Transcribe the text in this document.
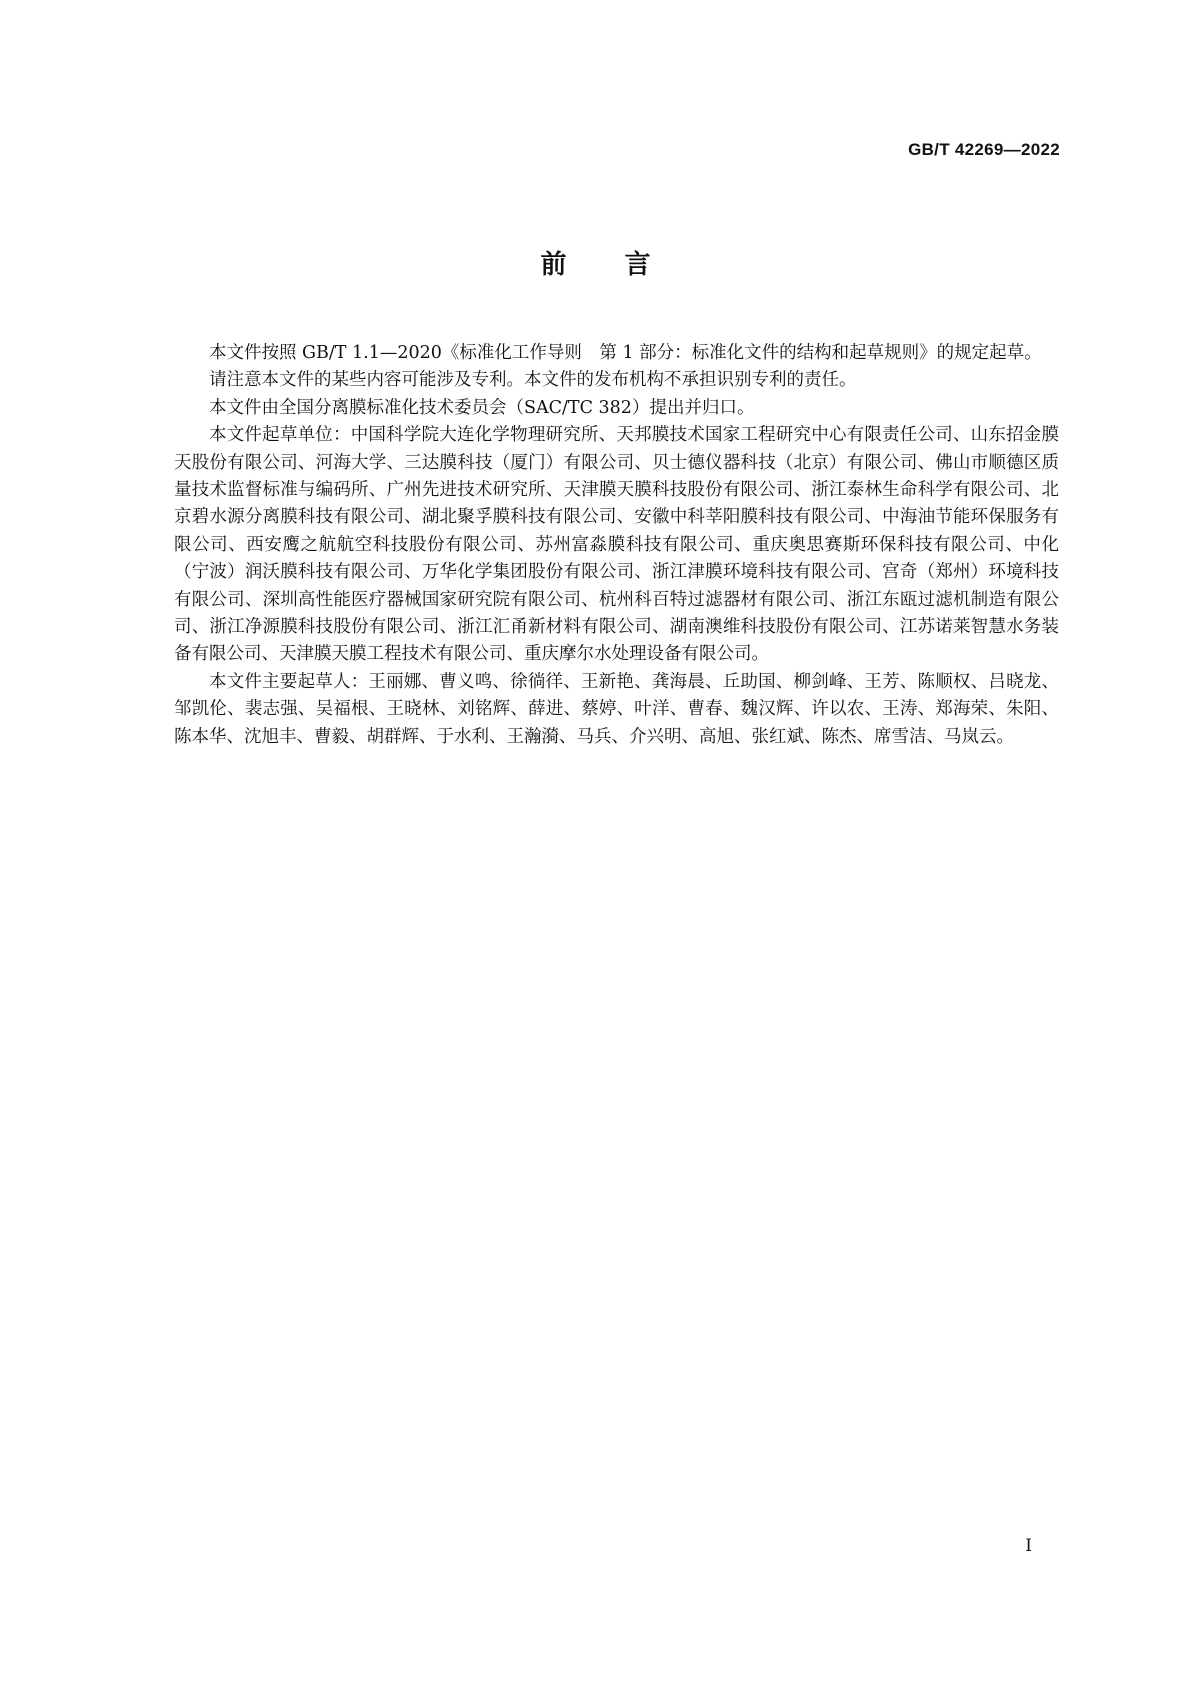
GB/T 42269—2022
前言

本文件按照 GB/T 1.1—2020《标准化工作导则　第 1 部分：标准化文件的结构和起草规则》的规定起草。

请注意本文件的某些内容可能涉及专利。本文件的发布机构不承担识别专利的责任。

本文件由全国分离膜标准化技术委员会（SAC/TC 382）提出并归口。

本文件起草单位：中国科学院大连化学物理研究所、天邦膜技术国家工程研究中心有限责任公司、山东招金膜天股份有限公司、河海大学、三达膜科技（厦门）有限公司、贝士德仪器科技（北京）有限公司、佛山市顺德区质量技术监督标准与编码所、广州先进技术研究所、天津膜天膜科技股份有限公司、浙江泰林生命科学有限公司、北京碧水源分离膜科技有限公司、湖北聚孚膜科技有限公司、安徽中科莘阳膜科技有限公司、中海油节能环保服务有限公司、西安鹰之航航空科技股份有限公司、苏州富淼膜科技有限公司、重庆奥思赛斯环保科技有限公司、中化（宁波）润沃膜科技有限公司、万华化学集团股份有限公司、浙江津膜环境科技有限公司、宫奇（郑州）环境科技有限公司、深圳高性能医疗器械国家研究院有限公司、杭州科百特过滤器材有限公司、浙江东瓯过滤机制造有限公司、浙江净源膜科技股份有限公司、浙江汇甬新材料有限公司、湖南澳维科技股份有限公司、江苏诺莱智慧水务装备有限公司、天津膜天膜工程技术有限公司、重庆摩尔水处理设备有限公司。

本文件主要起草人：王丽娜、曹义鸣、徐徜徉、王新艳、龚海晨、丘助国、柳剑峰、王芳、陈顺权、吕晓龙、邹凯伦、裴志强、吴福根、王晓林、刘铭辉、薛进、蔡婷、叶洋、曹春、魏汉辉、许以农、王涛、郑海荣、朱阳、陈本华、沈旭丰、曹毅、胡群辉、于水利、王瀚漪、马兵、介兴明、高旭、张红斌、陈杰、席雪洁、马岚云。

I
